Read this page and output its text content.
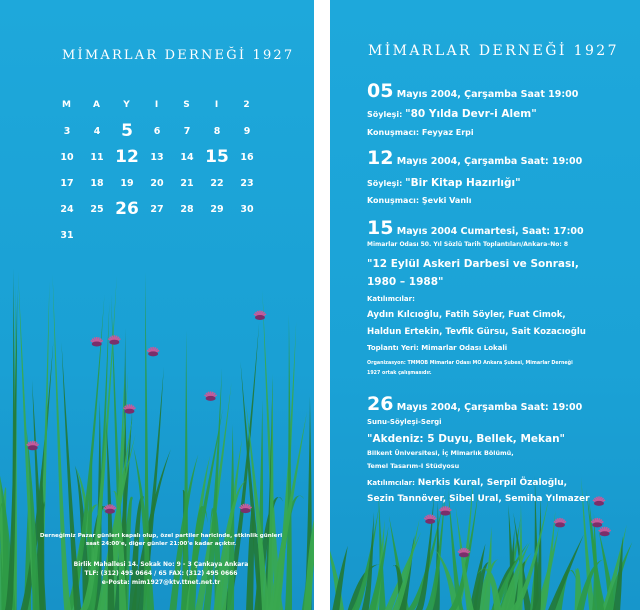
MİMARLAR DERNEĞİ 1927
M	A	Y	I	S	I	2
3	4	5	6	7	8	9
10	11	12	13	14	15	16
17	18	19	20	21	22	23
24	25	26	27	28	29	30
31						
Derneğimiz Pazar günleri kapalı olup, özel partiler haricinde, etkinlik günleri
saat 24:00'e, diğer günler 21:00'e kadar açıktır.
Birlik Mahallesi 14. Sokak No: 9 - 3 Çankaya Ankara
TLF: (312) 495 0664 / 65 FAX: (312) 495 0666
e-Posta: mim1927@ktv.ttnet.net.tr
MİMARLAR DERNEĞİ 1927
05 Mayıs 2004, Çarşamba Saat 19:00
Söyleşi: "80 Yılda Devr-i Alem"
Konuşmacı: Feyyaz Erpi
12 Mayıs 2004, Çarşamba Saat: 19:00
Söyleşi: "Bir Kitap Hazırlığı"
Konuşmacı: Şevki Vanlı
15 Mayıs 2004 Cumartesi, Saat: 17:00
Mimarlar Odası 50. Yıl Sözlü Tarih Toplantıları/Ankara–No: 8
"12 Eylül Askeri Darbesi ve Sonrası,
1980 – 1988"
Katılımcılar:
Aydın Kılcıoğlu, Fatih Söyler, Fuat Cimok,
Haldun Ertekin, Tevfik Gürsu, Sait Kozacıoğlu
Toplantı Yeri: Mimarlar Odası Lokali
Organizasyon: TMMOB Mimarlar Odası MO Ankara Şubesi, Mimarlar Derneği
1927 ortak çalışmasıdır.
26 Mayıs 2004, Çarşamba Saat: 19:00
Sunu-Söyleşi-Sergi
"Akdeniz: 5 Duyu, Bellek, Mekan"
Bilkent Üniversitesi, İç Mimarlık Bölümü,
Temel Tasarım-I Stüdyosu
Katılımcılar: Nerkis Kural, Serpil Özaloğlu,
Sezin Tannöver, Sibel Ural, Semiha Yılmazer
